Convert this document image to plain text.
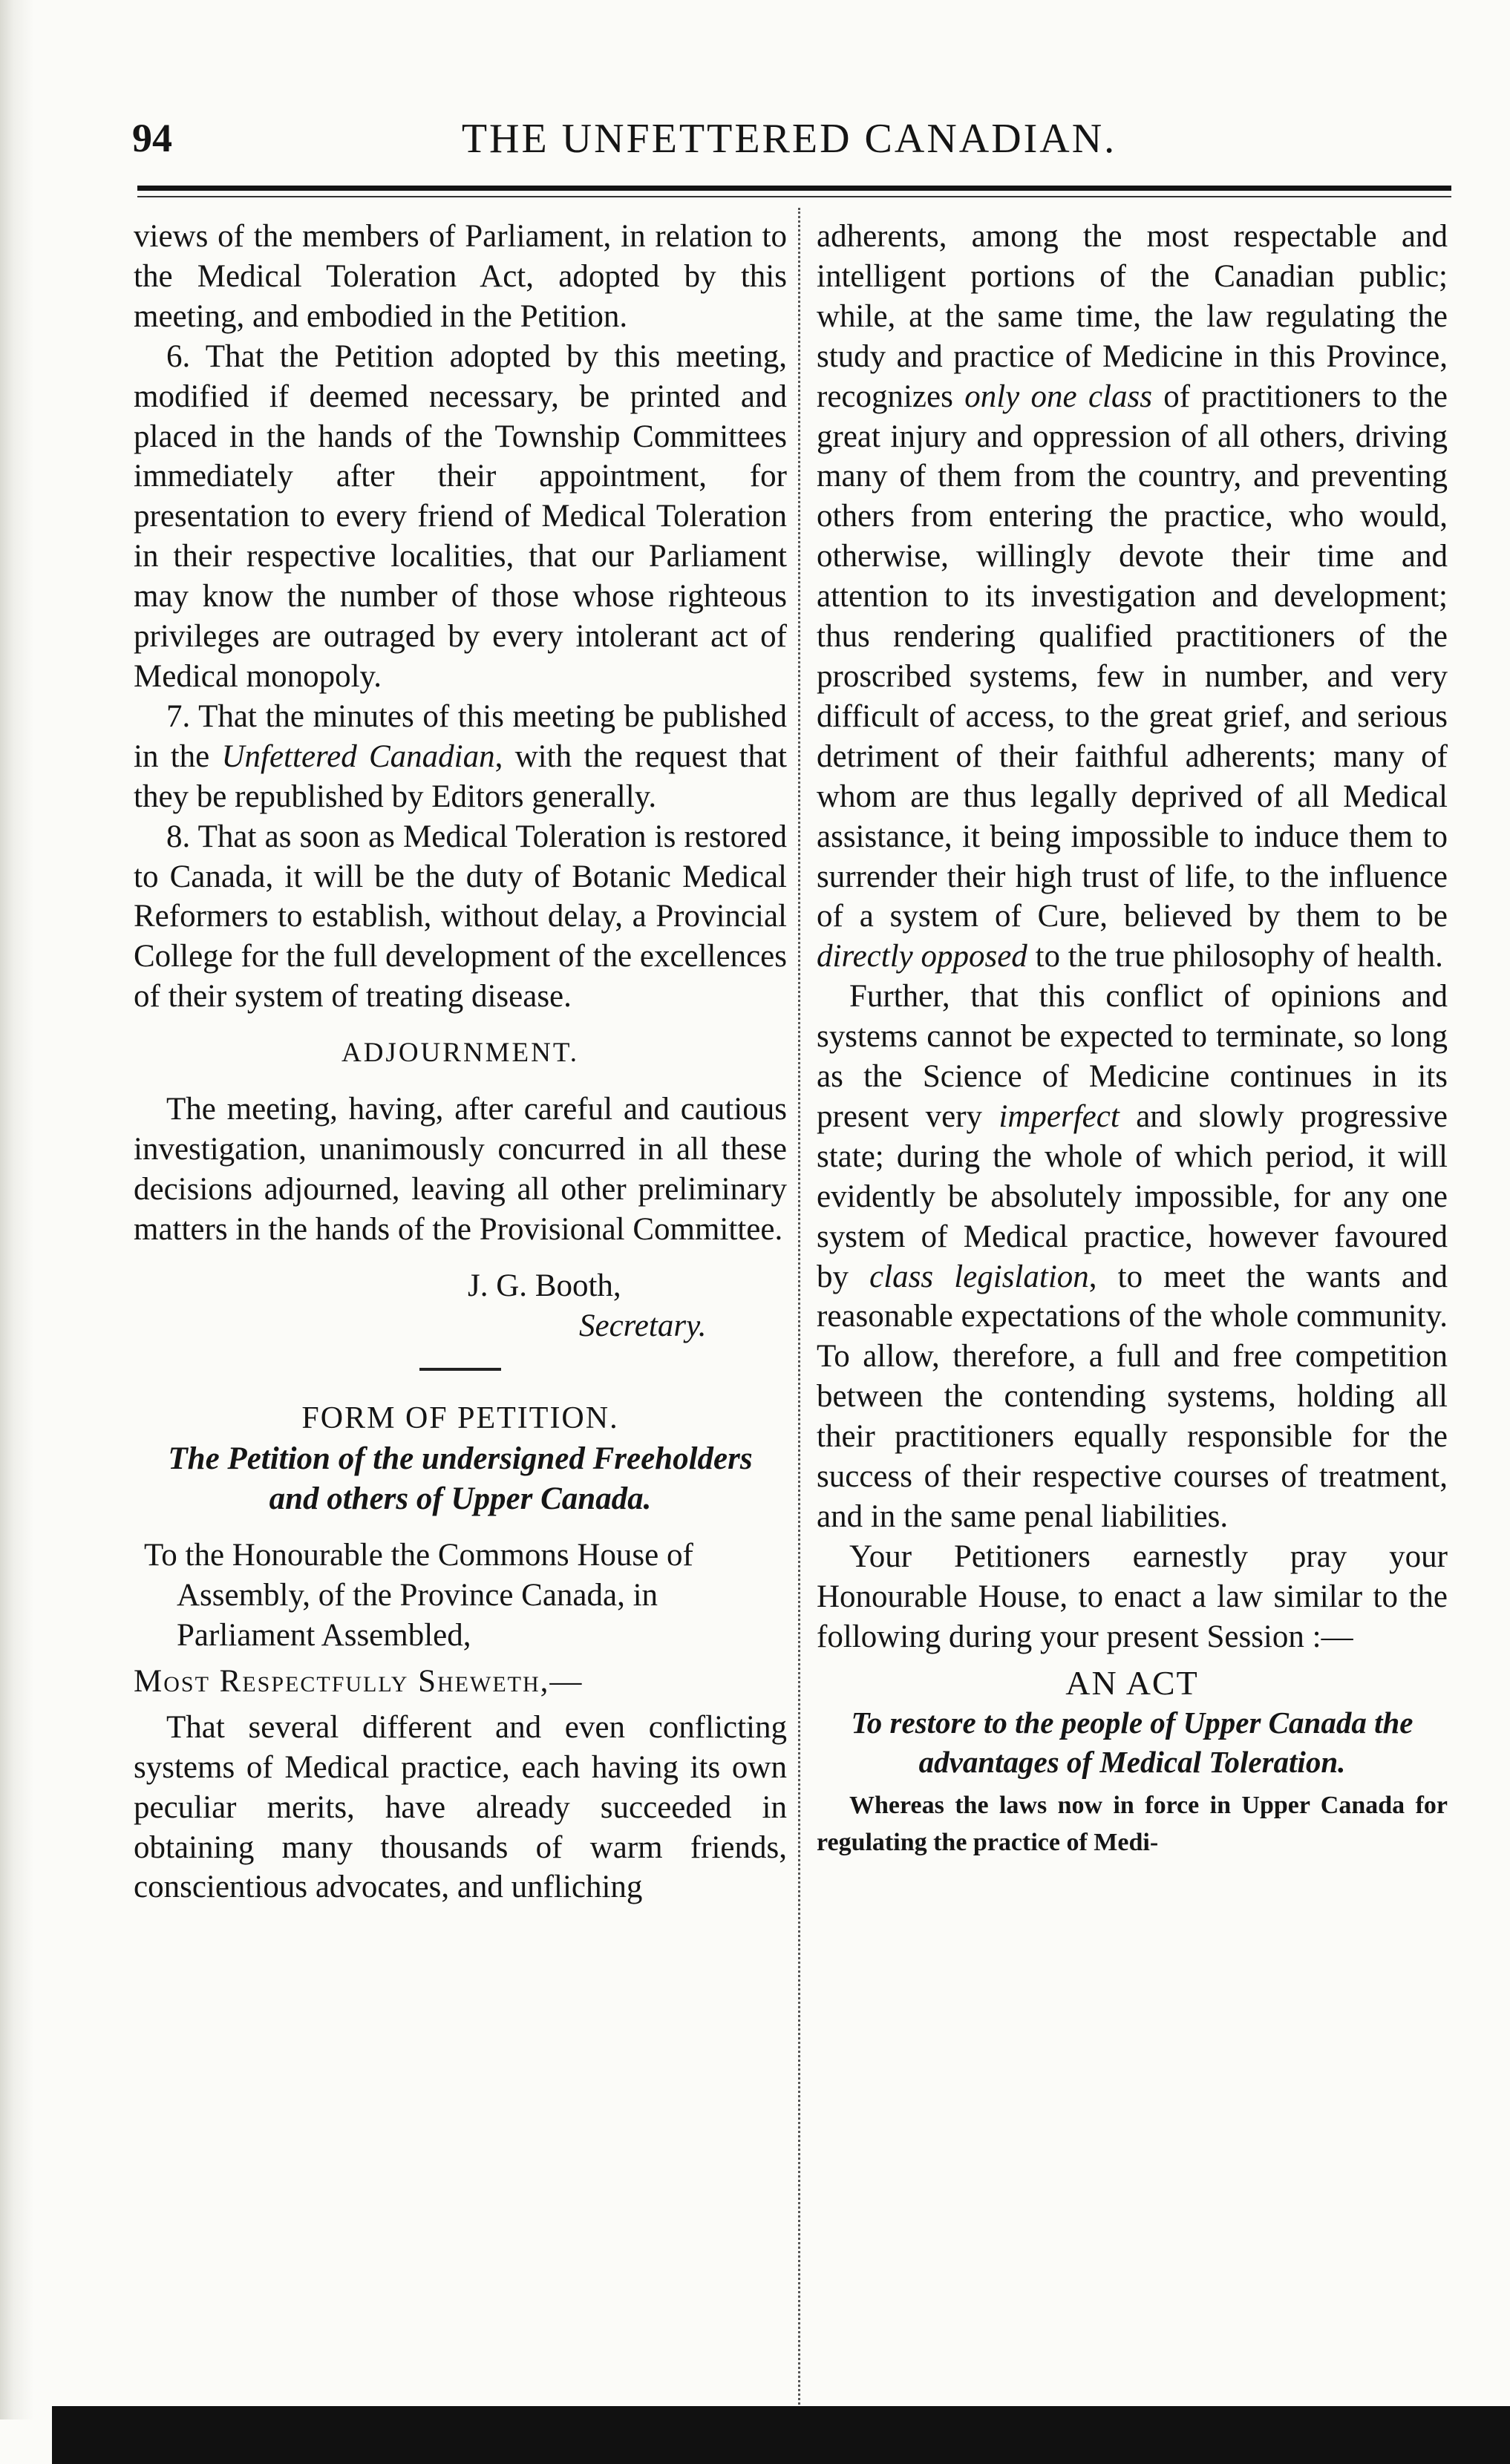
94	THE UNFETTERED CANADIAN.

views of the members of Parliament, in relation to the Medical Toleration Act, adopted by this meeting, and embodied in the Petition.

6. That the Petition adopted by this meeting, modified if deemed necessary, be printed and placed in the hands of the Township Committees immediately after their appointment, for presentation to every friend of Medical Toleration in their respective localities, that our Parliament may know the number of those whose righteous privileges are outraged by every intolerant act of Medical monopoly.

7. That the minutes of this meeting be published in the Unfettered Canadian, with the request that they be republished by Editors generally.

8. That as soon as Medical Toleration is restored to Canada, it will be the duty of Botanic Medical Reformers to establish, without delay, a Provincial College for the full development of the excellences of their system of treating disease.

ADJOURNMENT.

The meeting, having, after careful and cautious investigation, unanimously concurred in all these decisions adjourned, leaving all other preliminary matters in the hands of the Provisional Committee.

J. G. Booth,

Secretary.

FORM OF PETITION.

The Petition of the undersigned Freeholders and others of Upper Canada.

To the Honourable the Commons House of Assembly, of the Province Canada, in Parliament Assembled,

Most Respectfully Sheweth,—

That several different and even conflicting systems of Medical practice, each having its own peculiar merits, have already succeeded in obtaining many thousands of warm friends, conscientious advocates, and unfliching

adherents, among the most respectable and intelligent portions of the Canadian public; while, at the same time, the law regulating the study and practice of Medicine in this Province, recognizes only one class of practitioners to the great injury and oppression of all others, driving many of them from the country, and preventing others from entering the practice, who would, otherwise, willingly devote their time and attention to its investigation and development; thus rendering qualified practitioners of the proscribed systems, few in number, and very difficult of access, to the great grief, and serious detriment of their faithful adherents; many of whom are thus legally deprived of all Medical assistance, it being impossible to induce them to surrender their high trust of life, to the influence of a system of Cure, believed by them to be directly opposed to the true philosophy of health.

Further, that this conflict of opinions and systems cannot be expected to terminate, so long as the Science of Medicine continues in its present very imperfect and slowly progressive state; during the whole of which period, it will evidently be absolutely impossible, for any one system of Medical practice, however favoured by class legislation, to meet the wants and reasonable expectations of the whole community. To allow, therefore, a full and free competition between the contending systems, holding all their practitioners equally responsible for the success of their respective courses of treatment, and in the same penal liabilities.

Your Petitioners earnestly pray your Honourable House, to enact a law similar to the following during your present Session :—

AN ACT

To restore to the people of Upper Canada the advantages of Medical Toleration.

Whereas the laws now in force in Upper Canada for regulating the practice of Medi-
